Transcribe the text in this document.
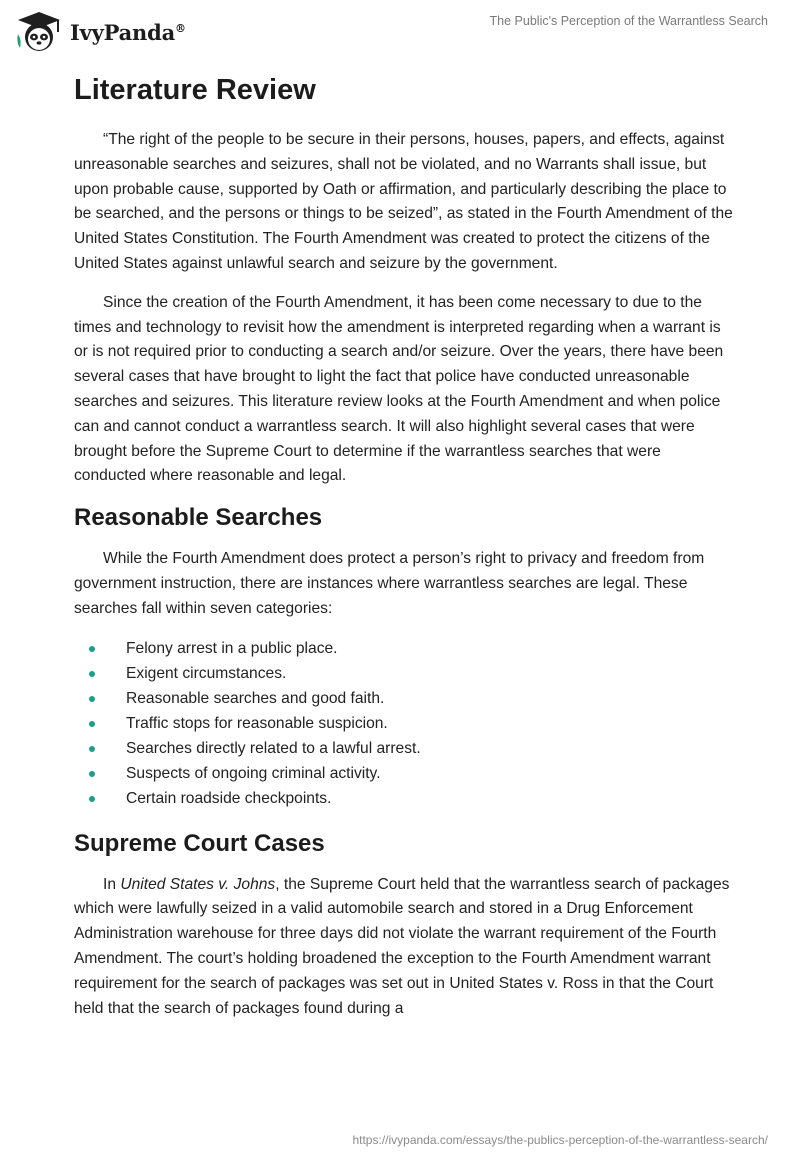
IvyPanda®	The Public's Perception of the Warrantless Search
Literature Review

“The right of the people to be secure in their persons, houses, papers, and effects, against unreasonable searches and seizures, shall not be violated, and no Warrants shall issue, but upon probable cause, supported by Oath or affirmation, and particularly describing the place to be searched, and the persons or things to be seized”, as stated in the Fourth Amendment of the United States Constitution. The Fourth Amendment was created to protect the citizens of the United States against unlawful search and seizure by the government.

Since the creation of the Fourth Amendment, it has been come necessary to due to the times and technology to revisit how the amendment is interpreted regarding when a warrant is or is not required prior to conducting a search and/or seizure. Over the years, there have been several cases that have brought to light the fact that police have conducted unreasonable searches and seizures. This literature review looks at the Fourth Amendment and when police can and cannot conduct a warrantless search. It will also highlight several cases that were brought before the Supreme Court to determine if the warrantless searches that were conducted where reasonable and legal.

Reasonable Searches

While the Fourth Amendment does protect a person’s right to privacy and freedom from government instruction, there are instances where warrantless searches are legal. These searches fall within seven categories:

Felony arrest in a public place.
Exigent circumstances.
Reasonable searches and good faith.
Traffic stops for reasonable suspicion.
Searches directly related to a lawful arrest.
Suspects of ongoing criminal activity.
Certain roadside checkpoints.
Supreme Court Cases

In United States v. Johns, the Supreme Court held that the warrantless search of packages which were lawfully seized in a valid automobile search and stored in a Drug Enforcement Administration warehouse for three days did not violate the warrant requirement of the Fourth Amendment. The court’s holding broadened the exception to the Fourth Amendment warrant requirement for the search of packages was set out in United States v. Ross in that the Court held that the search of packages found during a

https://ivypanda.com/essays/the-publics-perception-of-the-warrantless-search/
